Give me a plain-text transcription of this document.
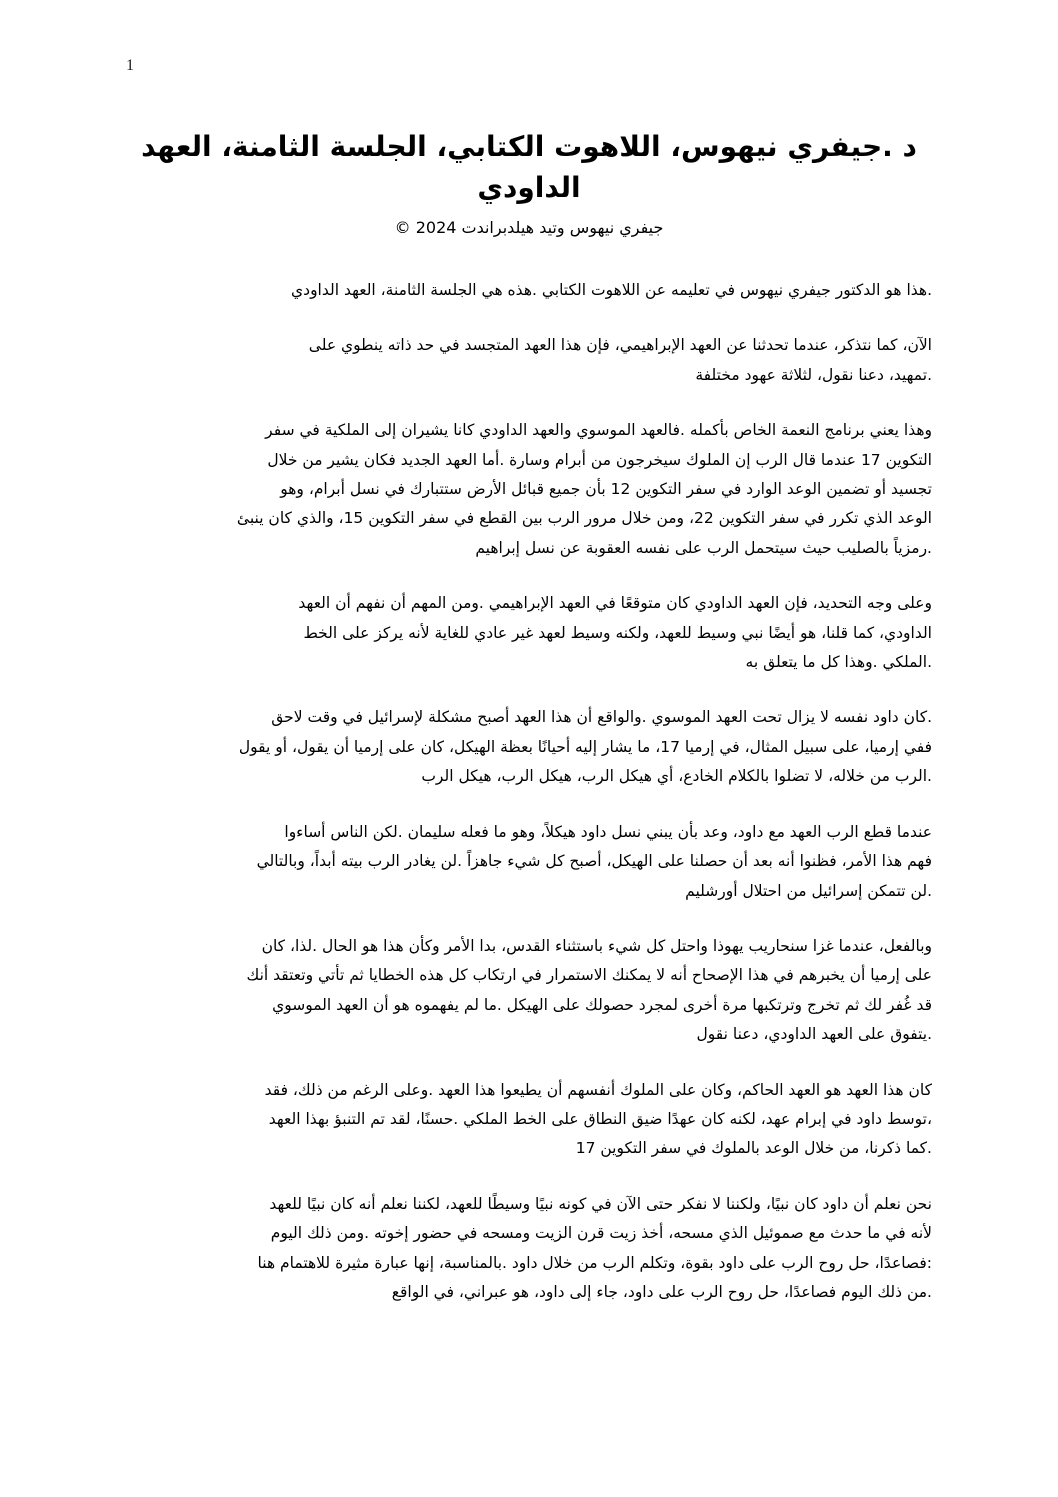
1
د .جيفري نيهوس، اللاهوت الكتابي، الجلسة الثامنة، العهد
الداودي
جيفري نيهوس وتيد هيلدبراندت 2024 ©
.هذا هو الدكتور جيفري نيهوس في تعليمه عن اللاهوت الكتابي .هذه هي الجلسة الثامنة، العهد الداودي
الآن، كما نتذكر، عندما تحدثنا عن العهد الإبراهيمي، فإن هذا العهد المتجسد في حد ذاته ينطوي على
.تمهيد، دعنا نقول، لثلاثة عهود مختلفة
وهذا يعني برنامج النعمة الخاص بأكمله .فالعهد الموسوي والعهد الداودي كانا يشيران إلى الملكية في سفر
التكوين 17 عندما قال الرب إن الملوك سيخرجون من أبرام وسارة .أما العهد الجديد فكان يشير من خلال
تجسيد أو تضمين الوعد الوارد في سفر التكوين 12 بأن جميع قبائل الأرض ستتبارك في نسل أبرام، وهو
الوعد الذي تكرر في سفر التكوين 22، ومن خلال مرور الرب بين القطع في سفر التكوين 15، والذي كان ينبئ
.رمزياً بالصليب حيث سيتحمل الرب على نفسه العقوبة عن نسل إبراهيم
وعلى وجه التحديد، فإن العهد الداودي كان متوقعًا في العهد الإبراهيمي .ومن المهم أن نفهم أن العهد
الداودي، كما قلنا، هو أيضًا نبي وسيط للعهد، ولكنه وسيط لعهد غير عادي للغاية لأنه يركز على الخط
.الملكي .وهذا كل ما يتعلق به
.كان داود نفسه لا يزال تحت العهد الموسوي .والواقع أن هذا العهد أصبح مشكلة لإسرائيل في وقت لاحق
ففي إرميا، على سبيل المثال، في إرميا 17، ما يشار إليه أحيانًا بعظة الهيكل، كان على إرميا أن يقول، أو يقول
.الرب من خلاله، لا تضلوا بالكلام الخادع، أي هيكل الرب، هيكل الرب، هيكل الرب
عندما قطع الرب العهد مع داود، وعد بأن يبني نسل داود هيكلاً، وهو ما فعله سليمان .لكن الناس أساءوا
فهم هذا الأمر، فظنوا أنه بعد أن حصلنا على الهيكل، أصبح كل شيء جاهزاً .لن يغادر الرب بيته أبداً، وبالتالي
.لن تتمكن إسرائيل من احتلال أورشليم
وبالفعل، عندما غزا سنحاريب يهوذا واحتل كل شيء باستثناء القدس، بدا الأمر وكأن هذا هو الحال .لذا، كان
على إرميا أن يخبرهم في هذا الإصحاح أنه لا يمكنك الاستمرار في ارتكاب كل هذه الخطايا ثم تأتي وتعتقد أنك
قد غُفر لك ثم تخرج وترتكبها مرة أخرى لمجرد حصولك على الهيكل .ما لم يفهموه هو أن العهد الموسوي
.يتفوق على العهد الداودي، دعنا نقول
كان هذا العهد هو العهد الحاكم، وكان على الملوك أنفسهم أن يطيعوا هذا العهد .وعلى الرغم من ذلك، فقد
،توسط داود في إبرام عهد، لكنه كان عهدًا ضيق النطاق على الخط الملكي .حسنًا، لقد تم التنبؤ بهذا العهد
.كما ذكرنا، من خلال الوعد بالملوك في سفر التكوين 17
نحن نعلم أن داود كان نبيًا، ولكننا لا نفكر حتى الآن في كونه نبيًا وسيطًا للعهد، لكننا نعلم أنه كان نبيًا للعهد
لأنه في ما حدث مع صموئيل الذي مسحه، أخذ زيت قرن الزيت ومسحه في حضور إخوته .ومن ذلك اليوم
:فصاعدًا، حل روح الرب على داود بقوة، وتكلم الرب من خلال داود .بالمناسبة، إنها عبارة مثيرة للاهتمام هنا
.من ذلك اليوم فصاعدًا، حل روح الرب على داود، جاء إلى داود، هو عبراني، في الواقع
